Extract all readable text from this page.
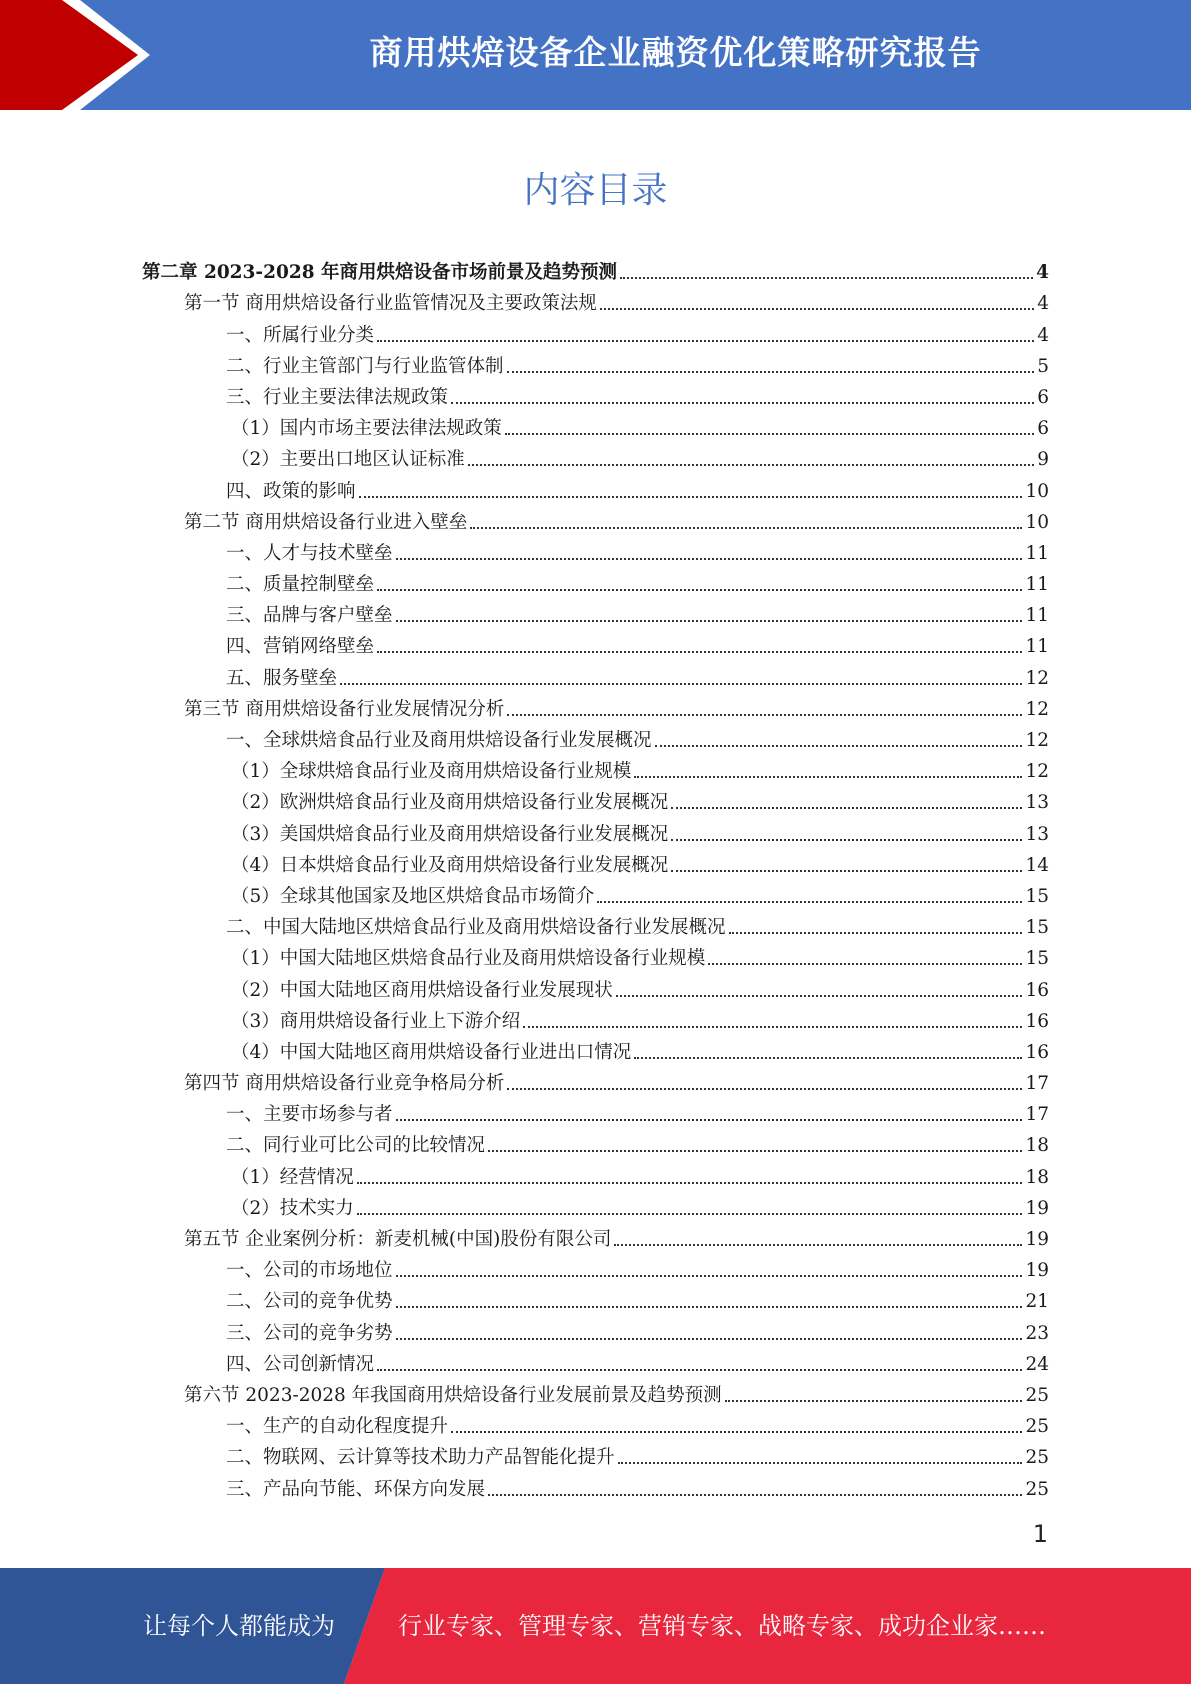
商用烘焙设备企业融资优化策略研究报告
内容目录
第二章 2023-2028 年商用烘焙设备市场前景及趋势预测	4
第一节 商用烘焙设备行业监管情况及主要政策法规	4
一、所属行业分类	4
二、行业主管部门与行业监管体制	5
三、行业主要法律法规政策	6
（1）国内市场主要法律法规政策	6
（2）主要出口地区认证标准	9
四、政策的影响	10
第二节 商用烘焙设备行业进入壁垒	10
一、人才与技术壁垒	11
二、质量控制壁垒	11
三、品牌与客户壁垒	11
四、营销网络壁垒	11
五、服务壁垒	12
第三节 商用烘焙设备行业发展情况分析	12
一、全球烘焙食品行业及商用烘焙设备行业发展概况	12
（1）全球烘焙食品行业及商用烘焙设备行业规模	12
（2）欧洲烘焙食品行业及商用烘焙设备行业发展概况	13
（3）美国烘焙食品行业及商用烘焙设备行业发展概况	13
（4）日本烘焙食品行业及商用烘焙设备行业发展概况	14
（5）全球其他国家及地区烘焙食品市场简介	15
二、中国大陆地区烘焙食品行业及商用烘焙设备行业发展概况	15
（1）中国大陆地区烘焙食品行业及商用烘焙设备行业规模	15
（2）中国大陆地区商用烘焙设备行业发展现状	16
（3）商用烘焙设备行业上下游介绍	16
（4）中国大陆地区商用烘焙设备行业进出口情况	16
第四节 商用烘焙设备行业竞争格局分析	17
一、主要市场参与者	17
二、同行业可比公司的比较情况	18
（1）经营情况	18
（2）技术实力	19
第五节 企业案例分析：新麦机械(中国)股份有限公司	19
一、公司的市场地位	19
二、公司的竞争优势	21
三、公司的竞争劣势	23
四、公司创新情况	24
第六节 2023-2028 年我国商用烘焙设备行业发展前景及趋势预测	25
一、生产的自动化程度提升	25
二、物联网、云计算等技术助力产品智能化提升	25
三、产品向节能、环保方向发展	25
1
让每个人都能成为	行业专家、管理专家、营销专家、战略专家、成功企业家……
